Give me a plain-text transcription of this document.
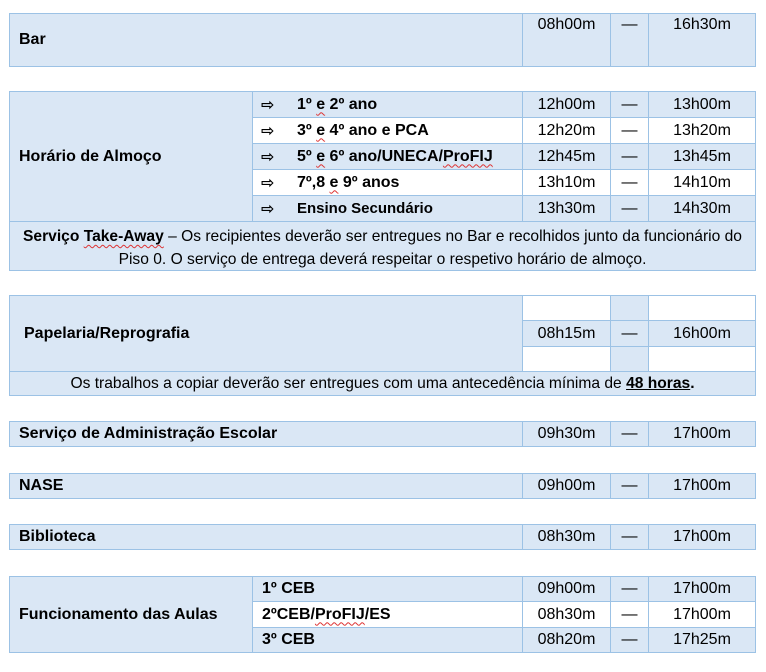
Bar
08h00m	—	16h30m
Horário de Almoço
⇨	1º e 2º ano	12h00m	—	13h00m
⇨	3º e 4º ano e PCA	12h20m	—	13h20m
⇨	5º e 6º ano/UNECA/ProFIJ	12h45m	—	13h45m
⇨	7º,8 e 9º anos	13h10m	—	14h10m
⇨	Ensino Secundário	13h30m	—	14h30m
Serviço Take-Away – Os recipientes deverão ser entregues no Bar e recolhidos junto da funcionário do Piso 0. O serviço de entrega deverá respeitar o respetivo horário de almoço.
Papelaria/Reprografia	08h15m	—	16h00m
Os trabalhos a copiar deverão ser entregues com uma antecedência mínima de 48 horas.
Serviço de Administração Escolar	09h30m	—	17h00m
NASE	09h00m	—	17h00m
Biblioteca	08h30m	—	17h00m
Funcionamento das Aulas
1º CEB	09h00m	—	17h00m
2ºCEB/ ProFIJ /ES	08h30m	—	17h00m
3º CEB	08h20m	—	17h25m
